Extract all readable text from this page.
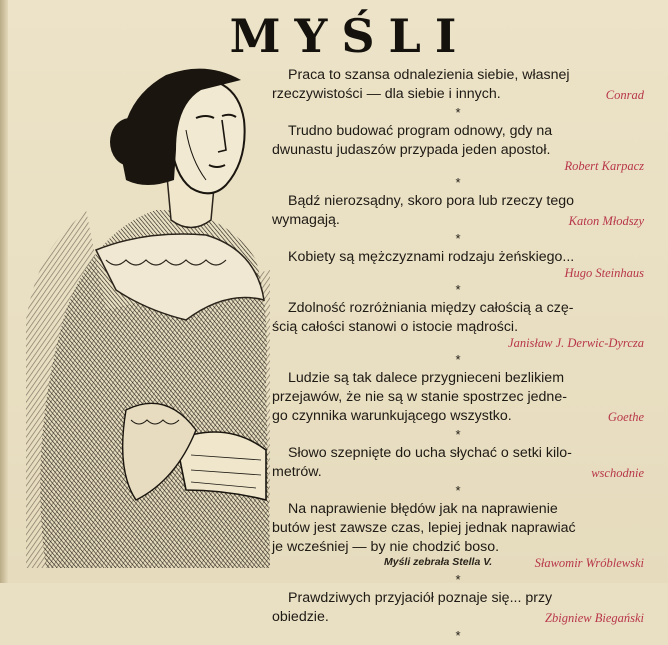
MYŚLI
Praca to szansa odnalezienia siebie, własnej
rzeczywistości — dla siebie i innych.	Conrad
*
Trudno budować program odnowy, gdy na
dwunastu judaszów przypada jeden apostoł.
Robert Karpacz
*
Bądź nierozsądny, skoro pora lub rzeczy tego
wymagają.	Katon Młodszy
*
Kobiety są mężczyznami rodzaju żeńskiego...
Hugo Steinhaus
*
Zdolność rozróżniania między całością a czę-
ścią całości stanowi o istocie mądrości.
Janisław J. Derwic-Dyrcza
*
Ludzie są tak dalece przygnieceni bezlikiem
przejawów, że nie są w stanie spostrzec jedne-
go czynnika warunkującego wszystko.	Goethe
*
Słowo szepnięte do ucha słychać o setki kilo-
metrów.	wschodnie
*
Na naprawienie błędów jak na naprawienie
butów jest zawsze czas, lepiej jednak naprawiać
je wcześniej — by nie chodzić boso.
Sławomir Wróblewski
*
Prawdziwych przyjaciół poznaje się... przy
obiedzie.	Zbigniew Biegański
*
Myśli zebrała Stella V.
